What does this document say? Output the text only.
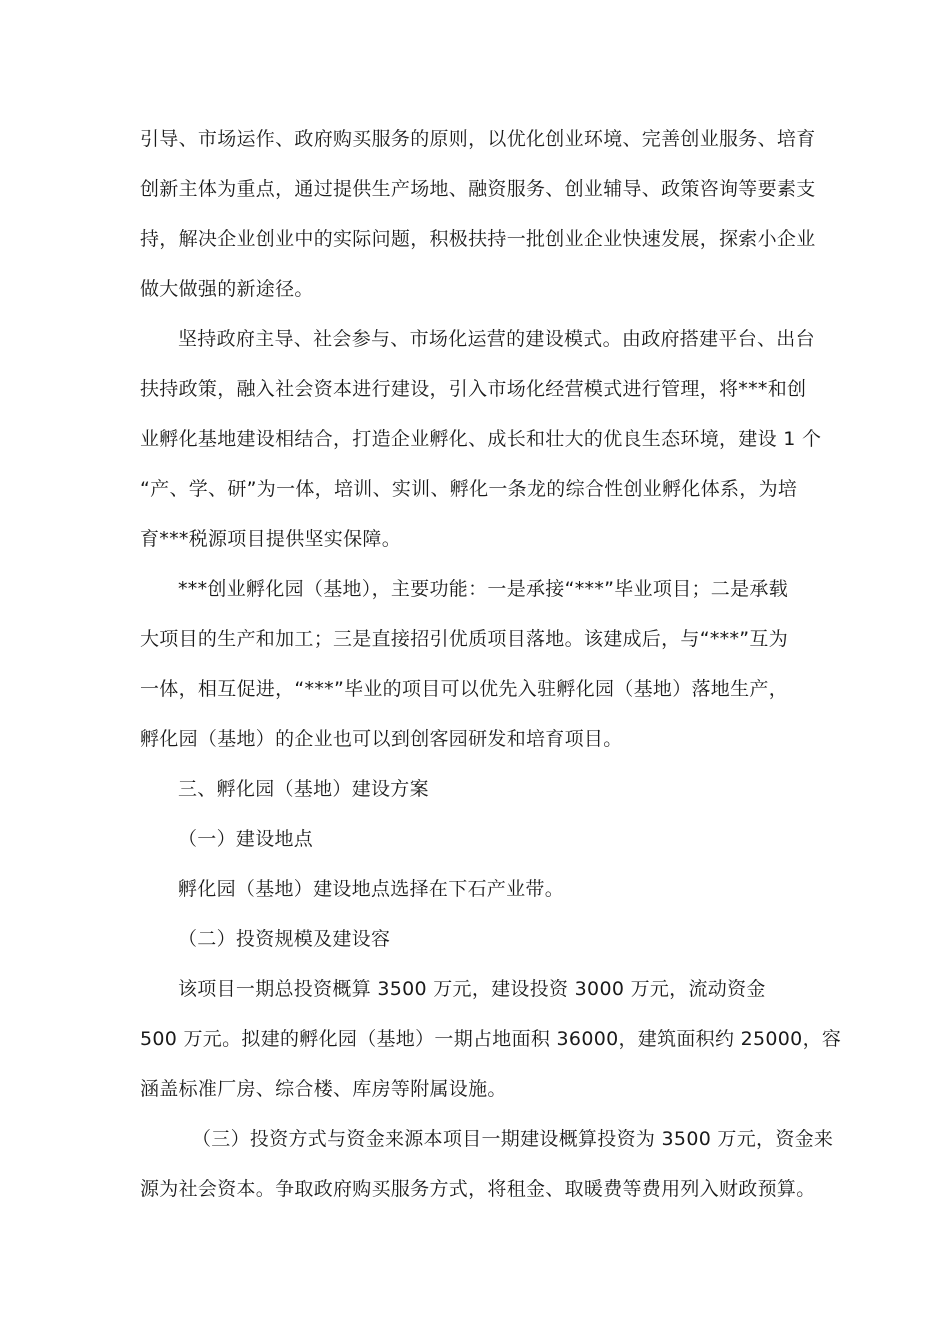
引导、市场运作、政府购买服务的原则，以优化创业环境、完善创业服务、培育
创新主体为重点，通过提供生产场地、融资服务、创业辅导、政策咨询等要素支
持，解决企业创业中的实际问题，积极扶持一批创业企业快速发展，探索小企业
做大做强的新途径。

坚持政府主导、社会参与、市场化运营的建设模式。由政府搭建平台、出台
扶持政策，融入社会资本进行建设，引入市场化经营模式进行管理，将***和创
业孵化基地建设相结合，打造企业孵化、成长和壮大的优良生态环境，建设 1 个
“产、学、研”为一体，培训、实训、孵化一条龙的综合性创业孵化体系，为培
育***税源项目提供坚实保障。

***创业孵化园（基地），主要功能：一是承接“***”毕业项目；二是承载
大项目的生产和加工；三是直接招引优质项目落地。该建成后，与“***”互为
一体，相互促进，“***”毕业的项目可以优先入驻孵化园（基地）落地生产，
孵化园（基地）的企业也可以到创客园研发和培育项目。

三、孵化园（基地）建设方案

（一）建设地点

孵化园（基地）建设地点选择在下石产业带。

（二）投资规模及建设容

该项目一期总投资概算 3500 万元，建设投资 3000 万元，流动资金
500 万元。拟建的孵化园（基地）一期占地面积 36000，建筑面积约 25000，容
涵盖标准厂房、综合楼、库房等附属设施。

（三）投资方式与资金来源本项目一期建设概算投资为 3500 万元，资金来
源为社会资本。争取政府购买服务方式，将租金、取暖费等费用列入财政预算。
